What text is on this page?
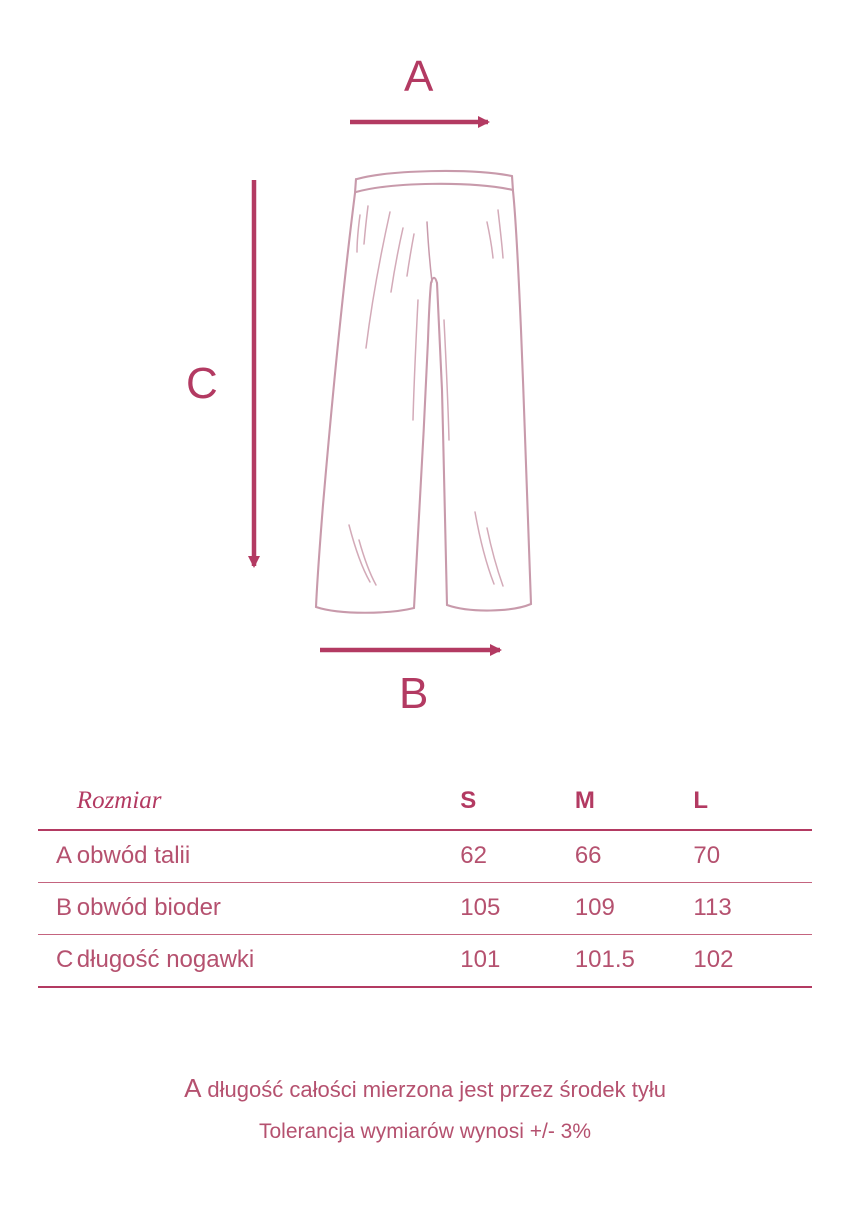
A
B
C
	Rozmiar	S	M	L
A	obwód talii	62	66	70
B	obwód bioder	105	109	113
C	długość nogawki	101	101.5	102
A długość całości mierzona jest przez środek tyłu
Tolerancja wymiarów wynosi +/- 3%
